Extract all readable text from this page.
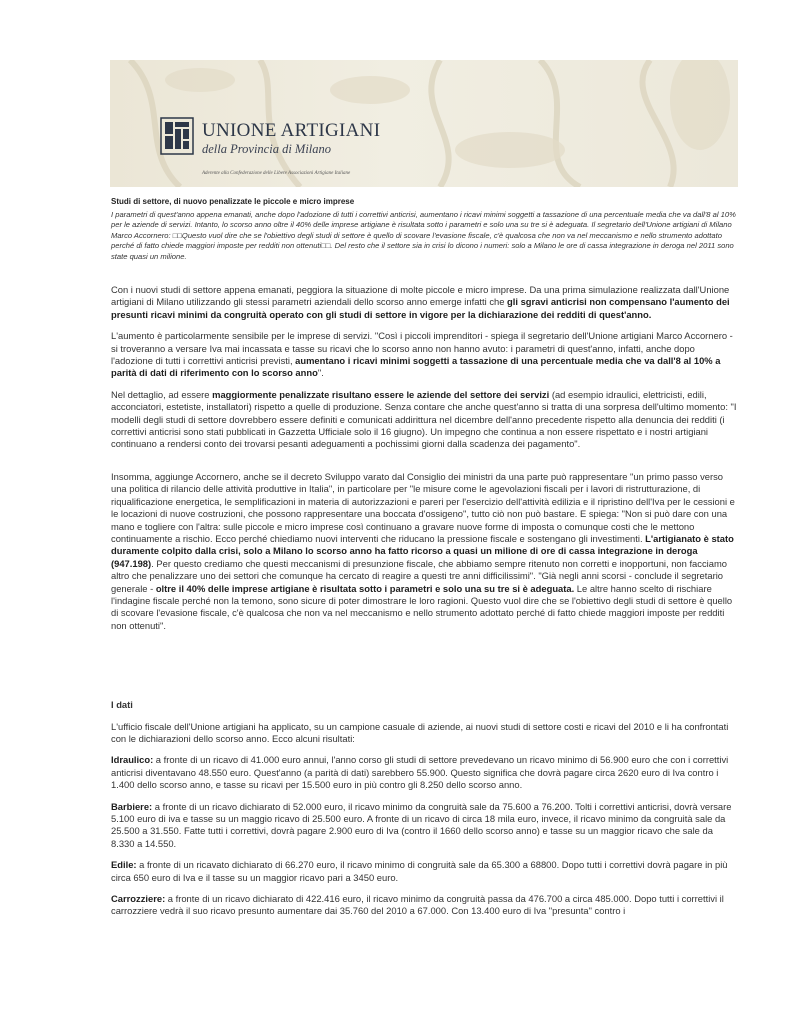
UNIONE ARTIGIANI
della Provincia di Milano
Aderente alla Confederazione delle Libere Associazioni Artigiane Italiane
Studi di settore, di nuovo penalizzate le piccole e micro imprese
I parametri di quest'anno appena emanati, anche dopo l'adozione di tutti i correttivi anticrisi, aumentano i ricavi minimi soggetti a tassazione di una percentuale media che va dall'8 al 10% per le aziende di servizi. Intanto, lo scorso anno oltre il 40% delle imprese artigiane è risultata sotto i parametri e solo una su tre si è adeguata. Il segretario dell'Unione artigiani di Milano Marco Accornero: □□Questo vuol dire che se l'obiettivo degli studi di settore è quello di scovare l'evasione fiscale, c'è qualcosa che non va nel meccanismo e nello strumento adottato perché di fatto chiede maggiori imposte per redditi non ottenuti□□. Del resto che il settore sia in crisi lo dicono i numeri: solo a Milano le ore di cassa integrazione in deroga nel 2011 sono state quasi un milione.

Con i nuovi studi di settore appena emanati, peggiora la situazione di molte piccole e micro imprese. Da una prima simulazione realizzata dall'Unione artigiani di Milano utilizzando gli stessi parametri aziendali dello scorso anno emerge infatti che gli sgravi anticrisi non compensano l'aumento dei presunti ricavi minimi da congruità operato con gli studi di settore in vigore per la dichiarazione dei redditi di quest'anno.

L'aumento è particolarmente sensibile per le imprese di servizi. "Così i piccoli imprenditori - spiega il segretario dell'Unione artigiani Marco Accornero - si troveranno a versare Iva mai incassata e tasse su ricavi che lo scorso anno non hanno avuto: i parametri di quest'anno, infatti, anche dopo l'adozione di tutti i correttivi anticrisi previsti, aumentano i ricavi minimi soggetti a tassazione di una percentuale media che va dall'8 al 10% a parità di dati di riferimento con lo scorso anno".

Nel dettaglio, ad essere maggiormente penalizzate risultano essere le aziende del settore dei servizi (ad esempio idraulici, elettricisti, edili, acconciatori, estetiste, installatori) rispetto a quelle di produzione. Senza contare che anche quest'anno si tratta di una sorpresa dell'ultimo momento: "I modelli degli studi di settore dovrebbero essere definiti e comunicati addirittura nel dicembre dell'anno precedente rispetto alla denuncia dei redditi (i correttivi anticrisi sono stati pubblicati in Gazzetta Ufficiale solo il 16 giugno). Un impegno che continua a non essere rispettato e i nostri artigiani continuano a rendersi conto dei trovarsi pesanti adeguamenti a pochissimi giorni dalla scadenza dei pagamento".

Insomma, aggiunge Accornero, anche se il decreto Sviluppo varato dal Consiglio dei ministri da una parte può rappresentare "un primo passo verso una politica di rilancio delle attività produttive in Italia", in particolare per "le misure come le agevolazioni fiscali per i lavori di ristrutturazione, di riqualificazione energetica, le semplificazioni in materia di autorizzazioni e pareri per l'esercizio dell'attività edilizia e il ripristino dell'Iva per le cessioni e le locazioni di nuove costruzioni, che possono rappresentare una boccata d'ossigeno", tutto ciò non può bastare. E spiega: "Non si può dare con una mano e togliere con l'altra: sulle piccole e micro imprese così continuano a gravare nuove forme di imposta o comunque costi che le mettono continuamente a rischio. Ecco perché chiediamo nuovi interventi che riducano la pressione fiscale e sostengano gli investimenti. L'artigianato è stato duramente colpito dalla crisi, solo a Milano lo scorso anno ha fatto ricorso a quasi un milione di ore di cassa integrazione in deroga (947.198). Per questo crediamo che questi meccanismi di presunzione fiscale, che abbiamo sempre ritenuto non corretti e inopportuni, non facciamo altro che penalizzare uno dei settori che comunque ha cercato di reagire a questi tre anni difficilissimi". "Già negli anni scorsi - conclude il segretario generale - oltre il 40% delle imprese artigiane è risultata sotto i parametri e solo una su tre si è adeguata. Le altre hanno scelto di rischiare l'indagine fiscale perché non la temono, sono sicure di poter dimostrare le loro ragioni. Questo vuol dire che se l'obiettivo degli studi di settore è quello di scovare l'evasione fiscale, c'è qualcosa che non va nel meccanismo e nello strumento adottato perché di fatto chiede maggiori imposte per redditi non ottenuti".

I dati

L'ufficio fiscale dell'Unione artigiani ha applicato, su un campione casuale di aziende, ai nuovi studi di settore costi e ricavi del 2010 e li ha confrontati con le dichiarazioni dello scorso anno. Ecco alcuni risultati:

Idraulico: a fronte di un ricavo di 41.000 euro annui, l'anno corso gli studi di settore prevedevano un ricavo minimo di 56.900 euro che con i correttivi anticrisi diventavano 48.550 euro. Quest'anno (a parità di dati) sarebbero 55.900. Questo significa che dovrà pagare circa 2620 euro di Iva contro i 1.400 dello scorso anno, e tasse su ricavi per 15.500 euro in più contro gli 8.250 dello scorso anno.

Barbiere: a fronte di un ricavo dichiarato di 52.000 euro, il ricavo minimo da congruità sale da 75.600 a 76.200. Tolti i correttivi anticrisi, dovrà versare 5.100 euro di iva e tasse su un maggio ricavo di 25.500 euro. A fronte di un ricavo di circa 18 mila euro, invece, il ricavo minimo da congruità sale da 25.500 a 31.550. Fatte tutti i correttivi, dovrà pagare 2.900 euro di Iva (contro il 1660 dello scorso anno) e tasse su un maggior ricavo che sale da 8.330 a 14.550.

Edile: a fronte di un ricavato dichiarato di 66.270 euro, il ricavo minimo di congruità sale da 65.300 a 68800. Dopo tutti i correttivi dovrà pagare in più circa 650 euro di Iva e il tasse su un maggior ricavo pari a 3450 euro.

Carrozziere: a fronte di un ricavo dichiarato di 422.416 euro, il ricavo minimo da congruità passa da 476.700 a circa 485.000. Dopo tutti i correttivi il carrozziere vedrà il suo ricavo presunto aumentare dai 35.760 del 2010 a 67.000. Con 13.400 euro di Iva "presunta" contro i
